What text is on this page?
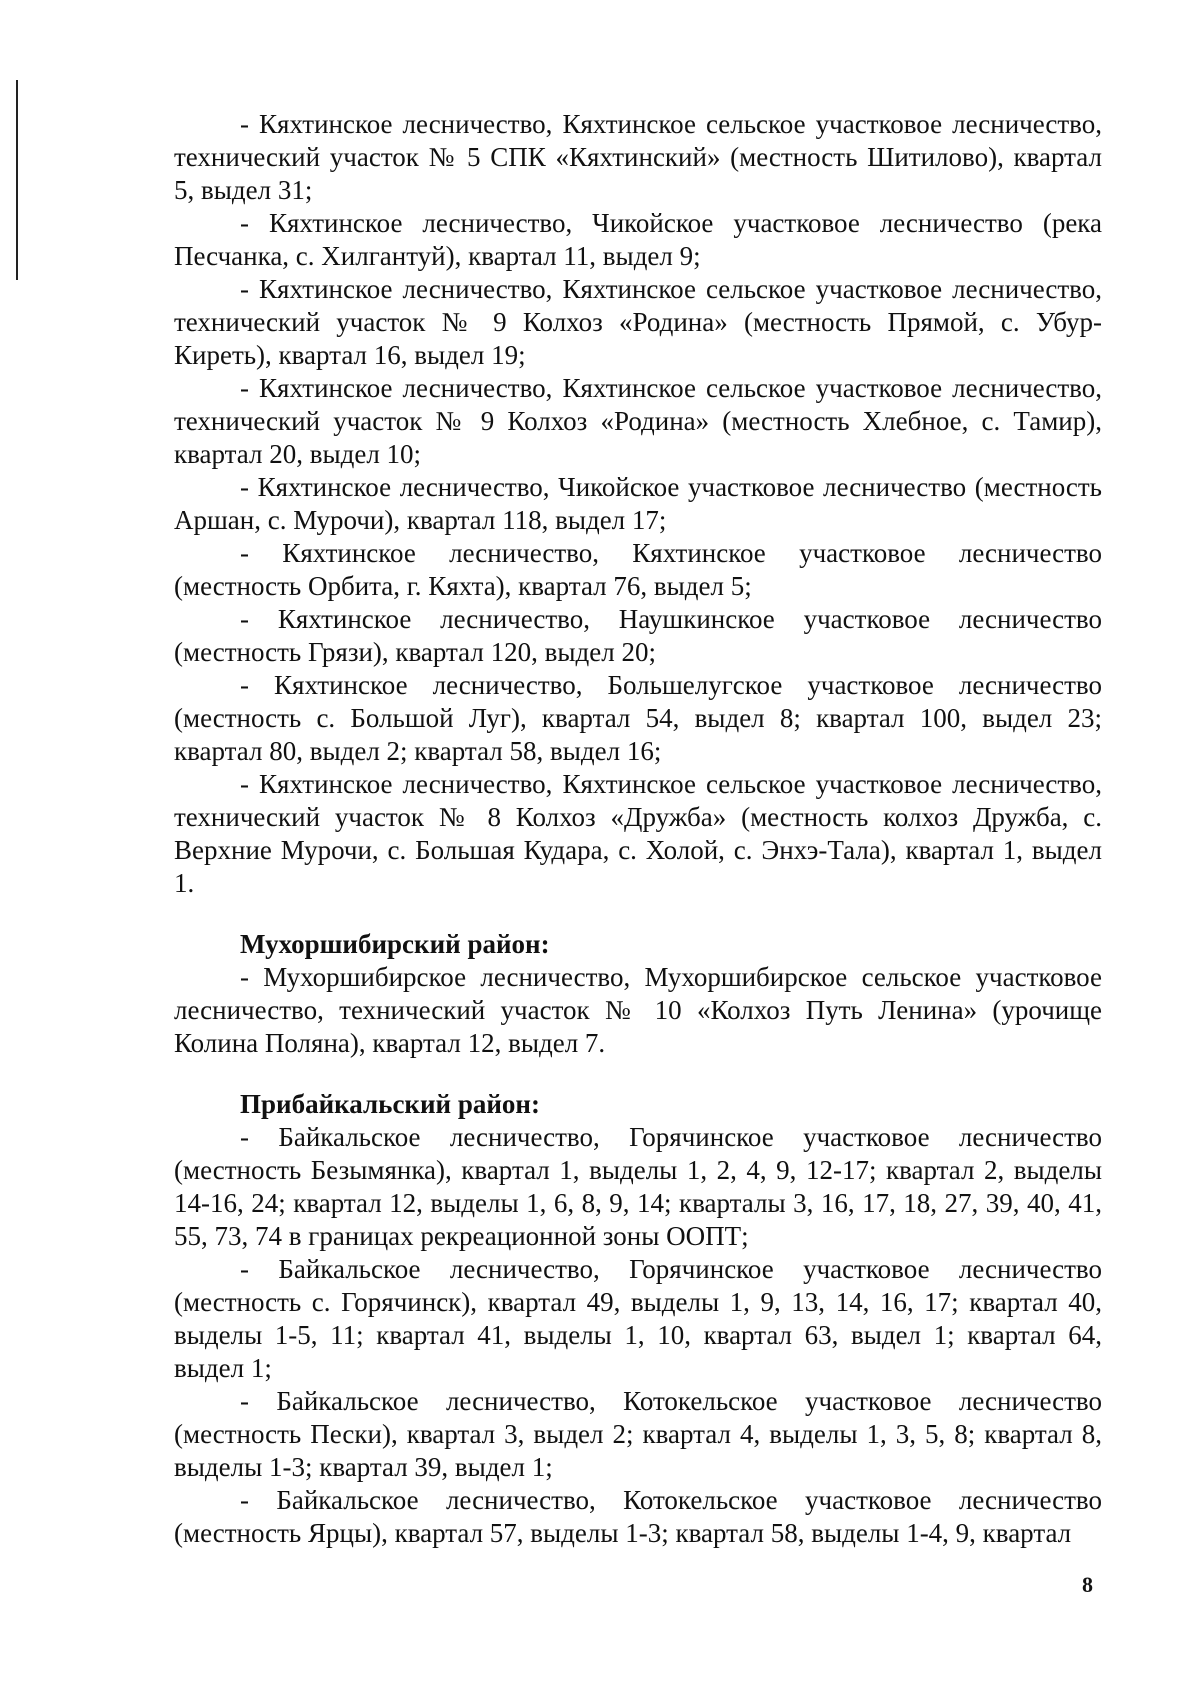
- Кяхтинское лесничество, Кяхтинское сельское участковое лесничество, технический участок № 5 СПК «Кяхтинский» (местность Шитилово), квартал 5, выдел 31;

- Кяхтинское лесничество, Чикойское участковое лесничество (река Песчанка, с. Хилгантуй), квартал 11, выдел 9;

- Кяхтинское лесничество, Кяхтинское сельское участковое лесничество, технический участок № 9 Колхоз «Родина» (местность Прямой, с. Убур-Киреть), квартал 16, выдел 19;

- Кяхтинское лесничество, Кяхтинское сельское участковое лесничество, технический участок № 9 Колхоз «Родина» (местность Хлебное, с. Тамир), квартал 20, выдел 10;

- Кяхтинское лесничество, Чикойское участковое лесничество (местность Аршан, с. Мурочи), квартал 118, выдел 17;

- Кяхтинское лесничество, Кяхтинское участковое лесничество (местность Орбита, г. Кяхта), квартал 76, выдел 5;

- Кяхтинское лесничество, Наушкинское участковое лесничество (местность Грязи), квартал 120, выдел 20;

- Кяхтинское лесничество, Большелугское участковое лесничество (местность с. Большой Луг), квартал 54, выдел 8; квартал 100, выдел 23; квартал 80, выдел 2; квартал 58, выдел 16;

- Кяхтинское лесничество, Кяхтинское сельское участковое лесничество, технический участок № 8 Колхоз «Дружба» (местность колхоз Дружба, с. Верхние Мурочи, с. Большая Кудара, с. Холой, с. Энхэ-Тала), квартал 1, выдел 1.

Мухоршибирский район:

- Мухоршибирское лесничество, Мухоршибирское сельское участковое лесничество, технический участок № 10 «Колхоз Путь Ленина» (урочище Колина Поляна), квартал 12, выдел 7.

Прибайкальский район:

- Байкальское лесничество, Горячинское участковое лесничество (местность Безымянка), квартал 1, выделы 1, 2, 4, 9, 12-17; квартал 2, выделы 14-16, 24; квартал 12, выделы 1, 6, 8, 9, 14; кварталы 3, 16, 17, 18, 27, 39, 40, 41, 55, 73, 74 в границах рекреационной зоны ООПТ;

- Байкальское лесничество, Горячинское участковое лесничество (местность с. Горячинск), квартал 49, выделы 1, 9, 13, 14, 16, 17; квартал 40, выделы 1-5, 11; квартал 41, выделы 1, 10, квартал 63, выдел 1; квартал 64, выдел 1;

- Байкальское лесничество, Котокельское участковое лесничество (местность Пески), квартал 3, выдел 2; квартал 4, выделы 1, 3, 5, 8; квартал 8, выделы 1-3; квартал 39, выдел 1;

- Байкальское лесничество, Котокельское участковое лесничество (местность Ярцы), квартал 57, выделы 1-3; квартал 58, выделы 1-4, 9, квартал

8
